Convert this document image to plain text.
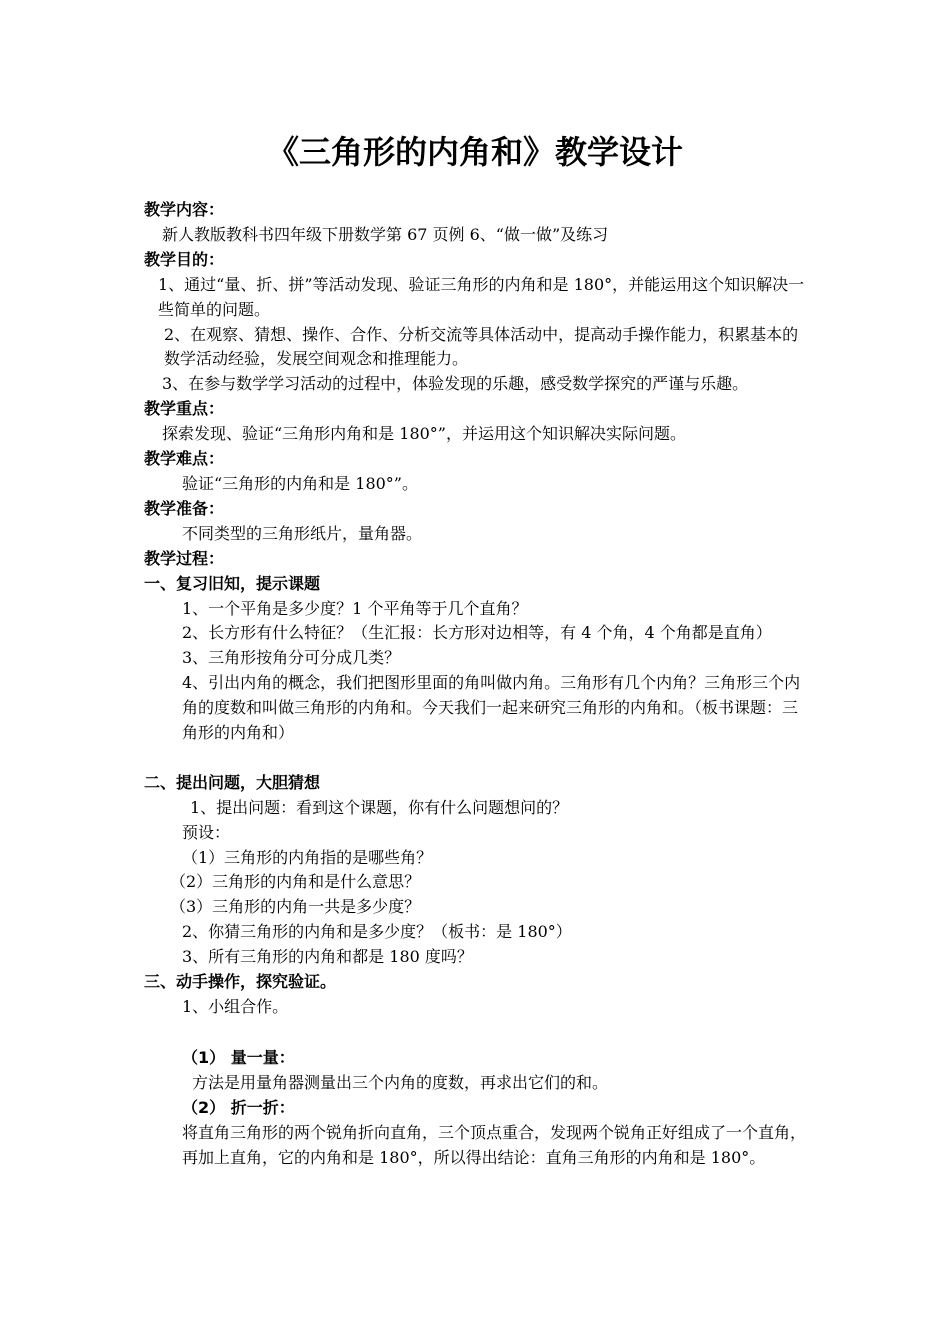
《三角形的内角和》教学设计

教学内容：

新人教版教科书四年级下册数学第 67 页例 6、“做一做”及练习

教学目的：

1、通过“量、折、拼”等活动发现、验证三角形的内角和是 180°，并能运用这个知识解决一些简单的问题。

2、在观察、猜想、操作、合作、分析交流等具体活动中，提高动手操作能力，积累基本的数学活动经验，发展空间观念和推理能力。

3、在参与数学学习活动的过程中，体验发现的乐趣，感受数学探究的严谨与乐趣。

教学重点：

探索发现、验证“三角形内角和是 180°”，并运用这个知识解决实际问题。

教学难点：

验证“三角形的内角和是 180°”。

教学准备：

不同类型的三角形纸片，量角器。

教学过程：

一、复习旧知，提示课题

1、一个平角是多少度？1 个平角等于几个直角？

2、长方形有什么特征？（生汇报：长方形对边相等，有 4 个角，4 个角都是直角）

3、三角形按角分可分成几类？

4、引出内角的概念，我们把图形里面的角叫做内角。三角形有几个内角？三角形三个内角的度数和叫做三角形的内角和。今天我们一起来研究三角形的内角和。（板书课题：三角形的内角和）

二、提出问题，大胆猜想

1、提出问题：看到这个课题，你有什么问题想问的？

预设：

（1）三角形的内角指的是哪些角？

（2）三角形的内角和是什么意思？

（3）三角形的内角一共是多少度？

2、你猜三角形的内角和是多少度？（板书：是 180°）

3、所有三角形的内角和都是 180 度吗？

三、动手操作，探究验证。

1、小组合作。

（1） 量一量：

方法是用量角器测量出三个内角的度数，再求出它们的和。

（2） 折一折：

将直角三角形的两个锐角折向直角，三个顶点重合，发现两个锐角正好组成了一个直角，再加上直角，它的内角和是 180°，所以得出结论：直角三角形的内角和是 180°。
